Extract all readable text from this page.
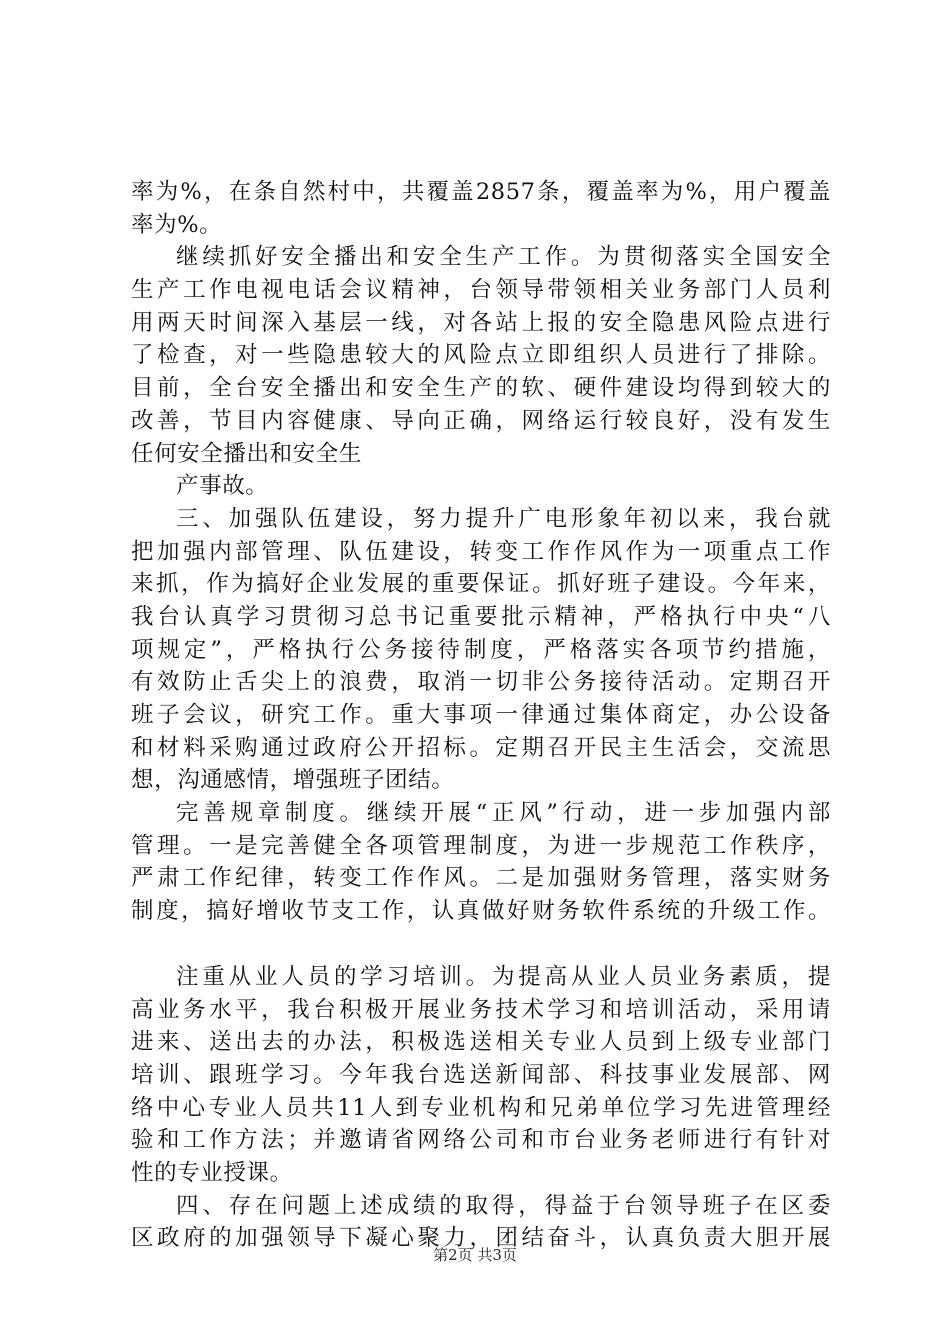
率为%，在条自然村中，共覆盖2857条，覆盖率为%，用户覆盖
率为%。
继续抓好安全播出和安全生产工作。为贯彻落实全国安全
生产工作电视电话会议精神，台领导带领相关业务部门人员利
用两天时间深入基层一线，对各站上报的安全隐患风险点进行
了检查，对一些隐患较大的风险点立即组织人员进行了排除。
目前，全台安全播出和安全生产的软、硬件建设均得到较大的
改善，节目内容健康、导向正确，网络运行较良好，没有发生
任何安全播出和安全生
产事故。
三、加强队伍建设，努力提升广电形象年初以来，我台就
把加强内部管理、队伍建设，转变工作作风作为一项重点工作
来抓，作为搞好企业发展的重要保证。抓好班子建设。今年来，
我台认真学习贯彻习总书记重要批示精神，严格执行中央“八
项规定”，严格执行公务接待制度，严格落实各项节约措施，
有效防止舌尖上的浪费，取消一切非公务接待活动。定期召开
班子会议，研究工作。重大事项一律通过集体商定，办公设备
和材料采购通过政府公开招标。定期召开民主生活会，交流思
想，沟通感情，增强班子团结。
完善规章制度。继续开展“正风”行动，进一步加强内部
管理。一是完善健全各项管理制度，为进一步规范工作秩序，
严肃工作纪律，转变工作作风。二是加强财务管理，落实财务
制度，搞好增收节支工作，认真做好财务软件系统的升级工作。
注重从业人员的学习培训。为提高从业人员业务素质，提
高业务水平，我台积极开展业务技术学习和培训活动，采用请
进来、送出去的办法，积极选送相关专业人员到上级专业部门
培训、跟班学习。今年我台选送新闻部、科技事业发展部、网
络中心专业人员共11人到专业机构和兄弟单位学习先进管理经
验和工作方法；并邀请省网络公司和市台业务老师进行有针对
性的专业授课。
四、存在问题上述成绩的取得，得益于台领导班子在区委
区政府的加强领导下凝心聚力，团结奋斗，认真负责大胆开展
第2页 共3页
